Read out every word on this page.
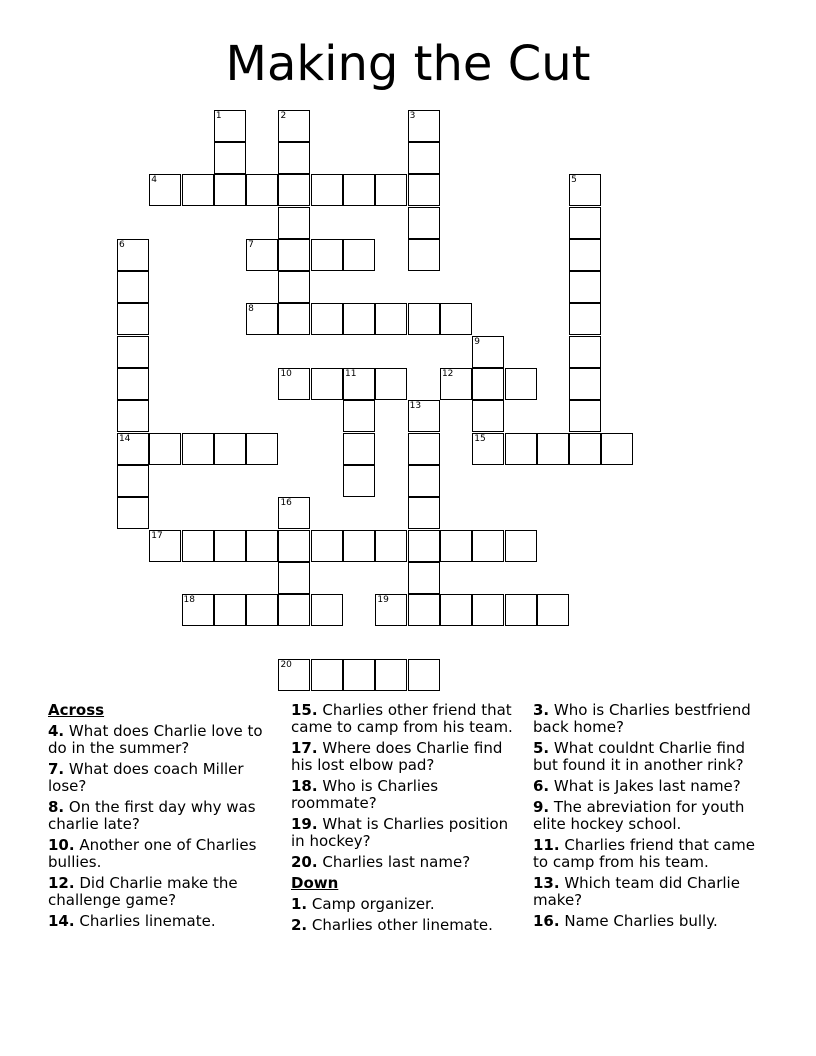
Making the Cut
1	2	3
5
6
14
9
11
13
16
4
7
8
10	12
15
17
18	19
20
Across
4. What does Charlie love to do in the summer?
7. What does coach Miller lose?
8. On the first day why was charlie late?
10. Another one of Charlies bullies.
12. Did Charlie make the challenge game?
14. Charlies linemate.
15. Charlies other friend that came to camp from his team.
17. Where does Charlie find his lost elbow pad?
18. Who is Charlies roommate?
19. What is Charlies position in hockey?
20. Charlies last name?
Down
1. Camp organizer.
2. Charlies other linemate.
3. Who is Charlies bestfriend back home?
5. What couldnt Charlie find but found it in another rink?
6. What is Jakes last name?
9. The abreviation for youth elite hockey school.
11. Charlies friend that came to camp from his team.
13. Which team did Charlie make?
16. Name Charlies bully.
